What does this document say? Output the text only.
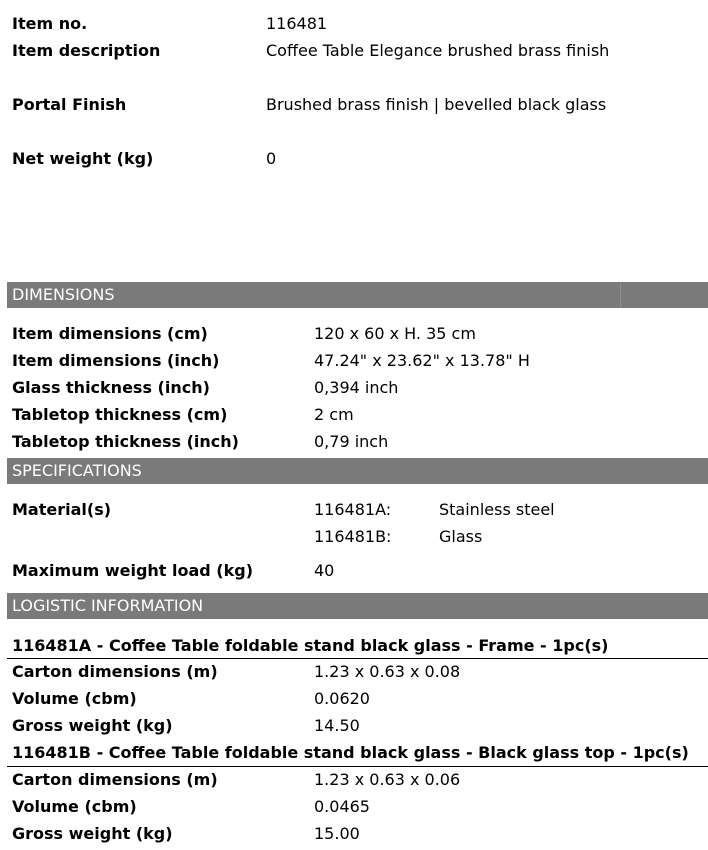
Item no.	116481
Item description	Coffee Table Elegance brushed brass finish
Portal Finish	Brushed brass finish | bevelled black glass
Net weight (kg)	0
DIMENSIONS
Item dimensions (cm)	120 x 60 x H. 35 cm
Item dimensions (inch)	47.24" x 23.62" x 13.78" H
Glass thickness (inch)	0,394 inch
Tabletop thickness (cm)	2 cm
Tabletop thickness (inch)	0,79 inch
SPECIFICATIONS
Material(s)	116481A:	Stainless steel
116481B:	Glass
Maximum weight load (kg)	40
LOGISTIC INFORMATION
116481A - Coffee Table foldable stand black glass - Frame - 1pc(s)
Carton dimensions (m)	1.23 x 0.63 x 0.08
Volume (cbm)	0.0620
Gross weight (kg)	14.50
116481B - Coffee Table foldable stand black glass - Black glass top - 1pc(s)
Carton dimensions (m)	1.23 x 0.63 x 0.06
Volume (cbm)	0.0465
Gross weight (kg)	15.00
